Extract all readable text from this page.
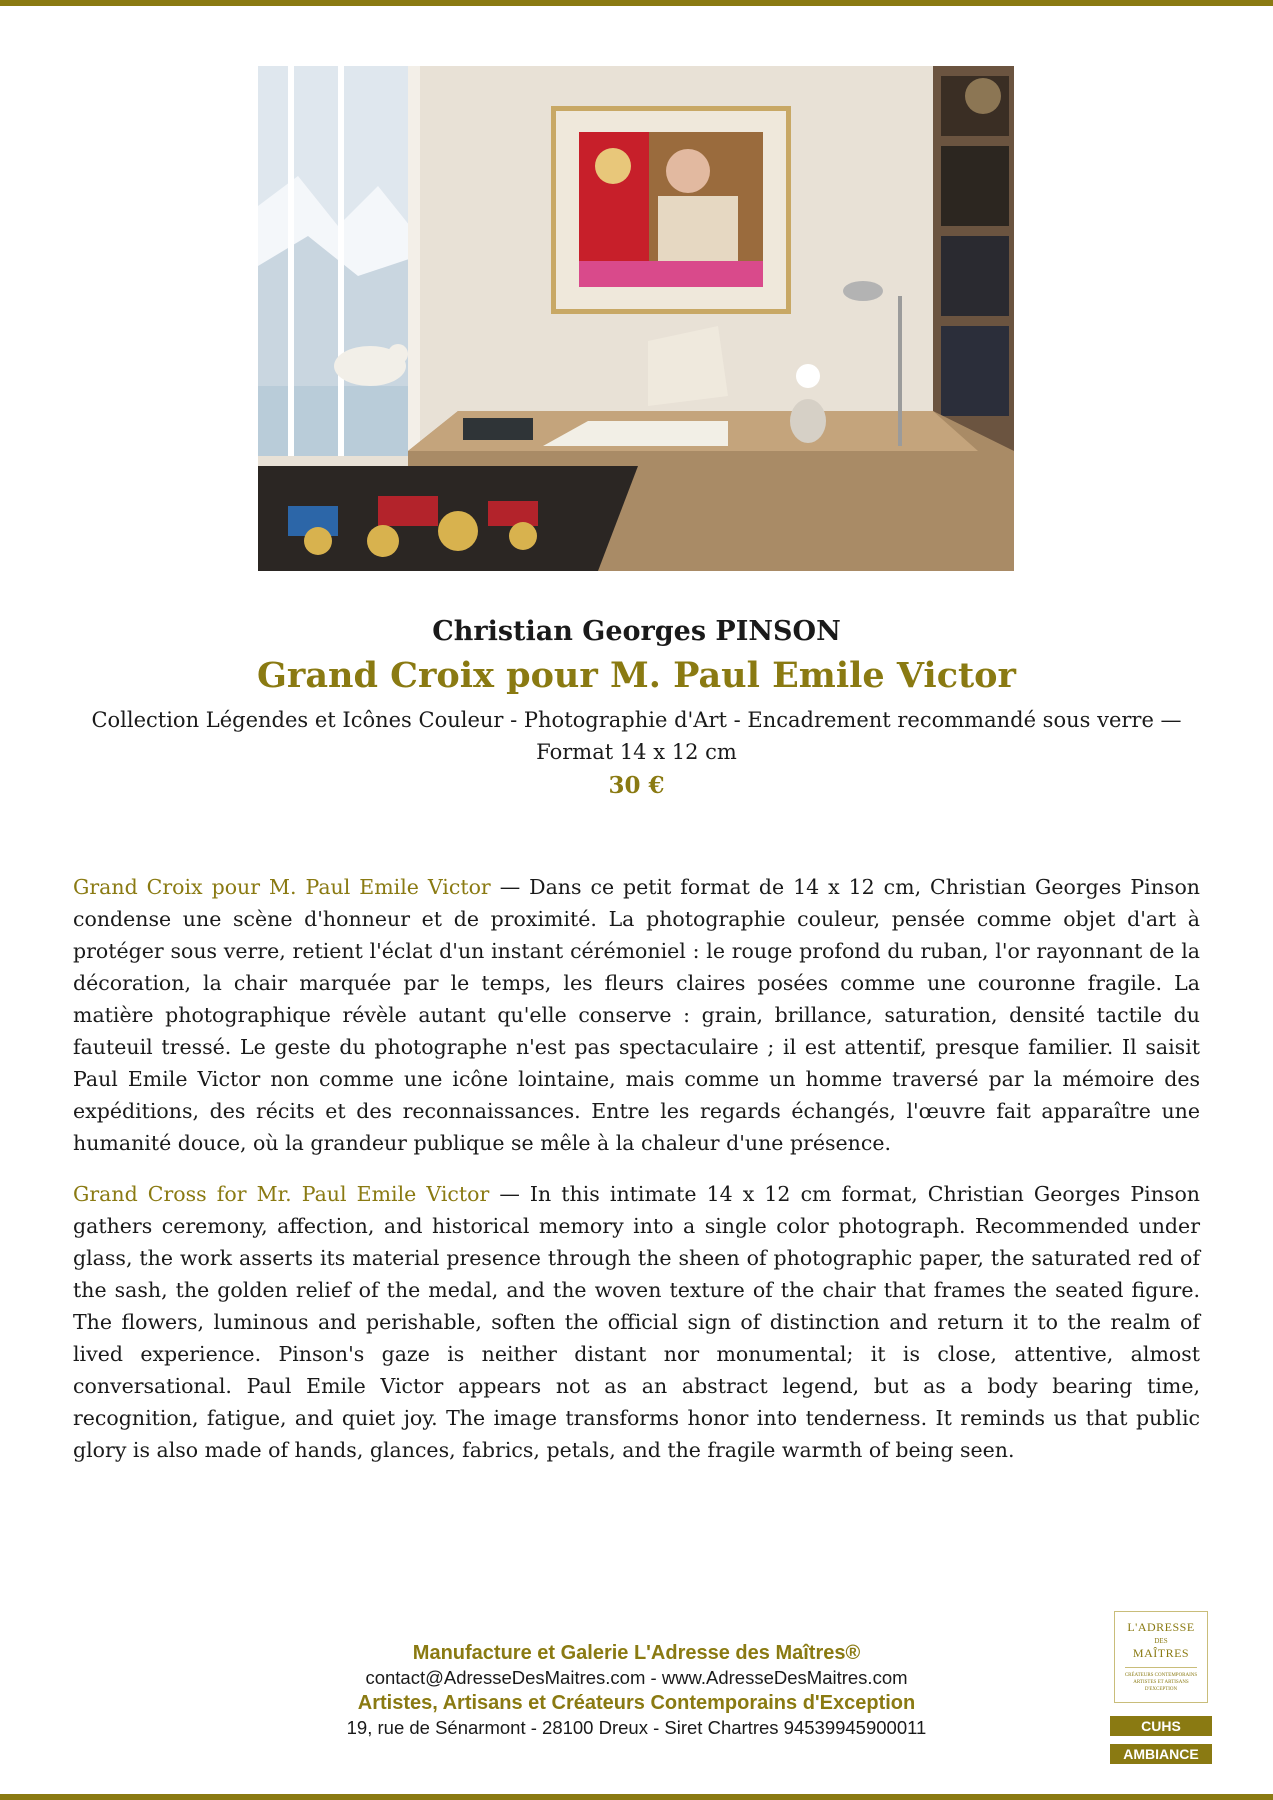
Christian Georges PINSON
Grand Croix pour M. Paul Emile Victor
Collection Légendes et Icônes Couleur - Photographie d'Art - Encadrement recommandé sous verre — Format 14 x 12 cm
30 €
Grand Croix pour M. Paul Emile Victor — Dans ce petit format de 14 x 12 cm, Christian Georges Pinson condense une scène d'honneur et de proximité. La photographie couleur, pensée comme objet d'art à protéger sous verre, retient l'éclat d'un instant cérémoniel : le rouge profond du ruban, l'or rayonnant de la décoration, la chair marquée par le temps, les fleurs claires posées comme une couronne fragile. La matière photographique révèle autant qu'elle conserve : grain, brillance, saturation, densité tactile du fauteuil tressé. Le geste du photographe n'est pas spectaculaire ; il est attentif, presque familier. Il saisit Paul Emile Victor non comme une icône lointaine, mais comme un homme traversé par la mémoire des expéditions, des récits et des reconnaissances. Entre les regards échangés, l'œuvre fait apparaître une humanité douce, où la grandeur publique se mêle à la chaleur d'une présence.
Grand Cross for Mr. Paul Emile Victor — In this intimate 14 x 12 cm format, Christian Georges Pinson gathers ceremony, affection, and historical memory into a single color photograph. Recommended under glass, the work asserts its material presence through the sheen of photographic paper, the saturated red of the sash, the golden relief of the medal, and the woven texture of the chair that frames the seated figure. The flowers, luminous and perishable, soften the official sign of distinction and return it to the realm of lived experience. Pinson's gaze is neither distant nor monumental; it is close, attentive, almost conversational. Paul Emile Victor appears not as an abstract legend, but as a body bearing time, recognition, fatigue, and quiet joy. The image transforms honor into tenderness. It reminds us that public glory is also made of hands, glances, fabrics, petals, and the fragile warmth of being seen.
Manufacture et Galerie L'Adresse des Maîtres®
contact@AdresseDesMaitres.com - www.AdresseDesMaitres.com
Artistes, Artisans et Créateurs Contemporains d'Exception
19, rue de Sénarmont - 28100 Dreux - Siret Chartres 94539945900011
L'ADRESSE
DES
MAÎTRES
CRÉATEURS CONTEMPORAINS ARTISTES ET ARTISANS D'EXCEPTION
CUHS
AMBIANCE
